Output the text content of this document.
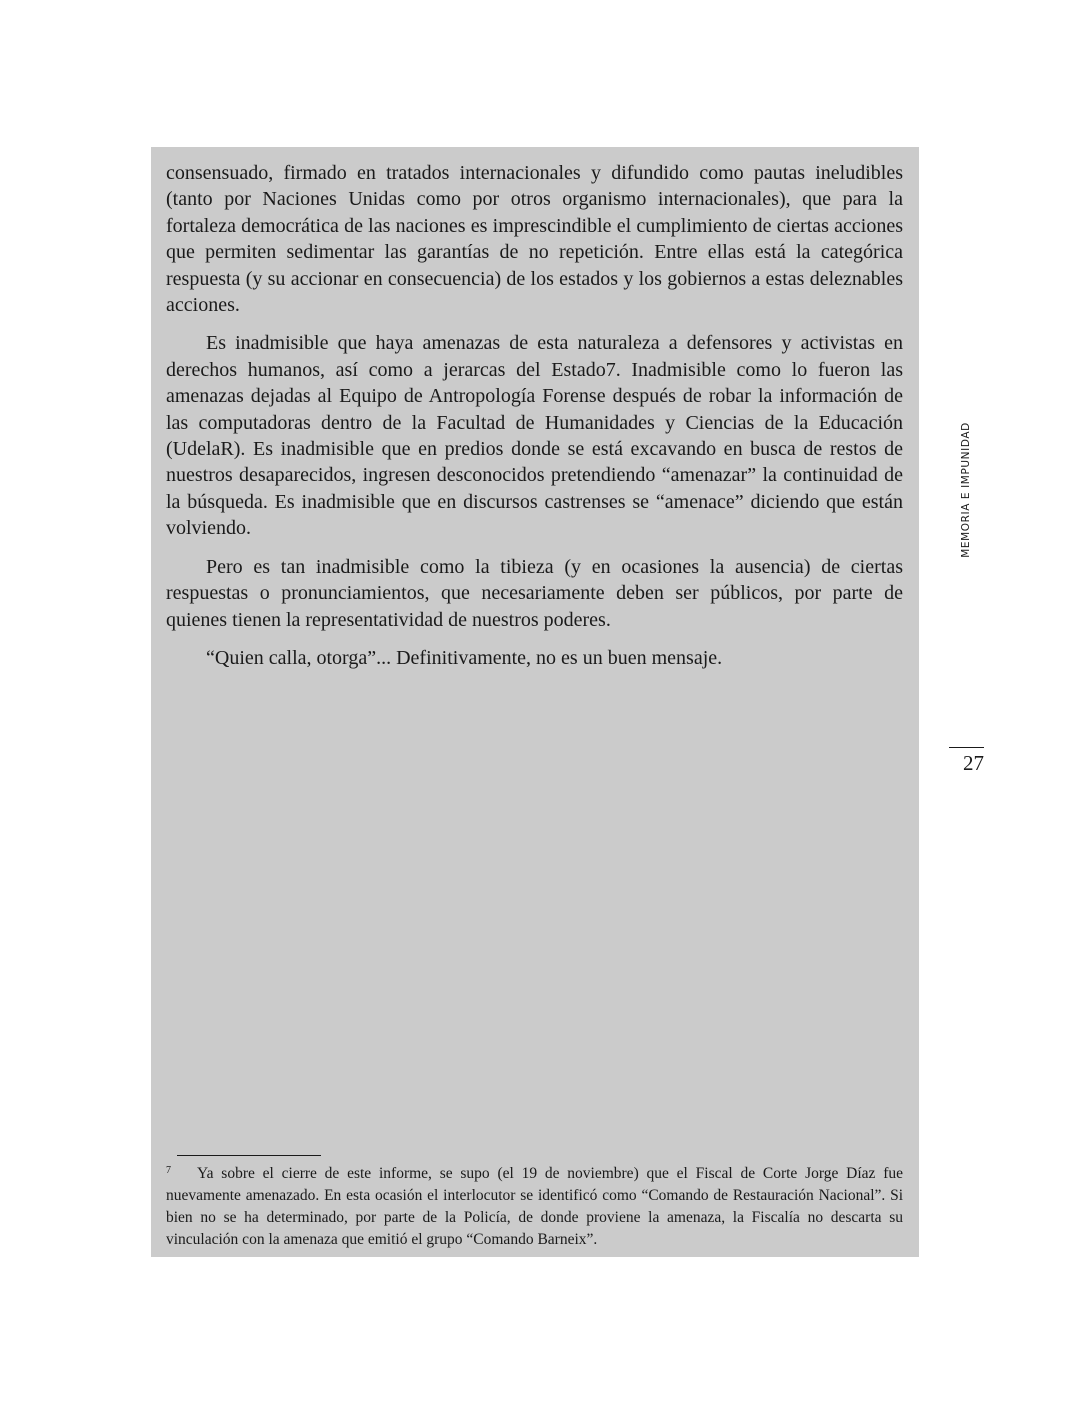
consensuado, firmado en tratados internacionales y difundido como pautas ineludibles (tanto por Naciones Unidas como por otros organismo internacionales), que para la fortaleza democrática de las naciones es imprescindible el cumplimiento de ciertas acciones que permiten sedimentar las garantías de no repetición. Entre ellas está la categórica respuesta (y su accionar en consecuencia) de los estados y los gobiernos a estas deleznables acciones.

Es inadmisible que haya amenazas de esta naturaleza a defensores y activistas en derechos humanos, así como a jerarcas del Estado7. Inadmisible como lo fueron las amenazas dejadas al Equipo de Antropología Forense después de robar la información de las computadoras dentro de la Facultad de Humanidades y Ciencias de la Educación (UdelaR). Es inadmisible que en predios donde se está excavando en busca de restos de nuestros desaparecidos, ingresen desconocidos pretendiendo “amenazar” la continuidad de la búsqueda. Es inadmisible que en discursos castrenses se “amenace” diciendo que están volviendo.

Pero es tan inadmisible como la tibieza (y en ocasiones la ausencia) de ciertas respuestas o pronunciamientos, que necesariamente deben ser públicos, por parte de quienes tienen la representatividad de nuestros poderes.

“Quien calla, otorga”... Definitivamente, no es un buen mensaje.

7 Ya sobre el cierre de este informe, se supo (el 19 de noviembre) que el Fiscal de Corte Jorge Díaz fue nuevamente amenazado. En esta ocasión el interlocutor se identificó como “Comando de Restauración Nacional”. Si bien no se ha determinado, por parte de la Policía, de donde proviene la amenaza, la Fiscalía no descarta su vinculación con la amenaza que emitió el grupo “Comando Barneix”.

MEMORIA E IMPUNIDAD
27
